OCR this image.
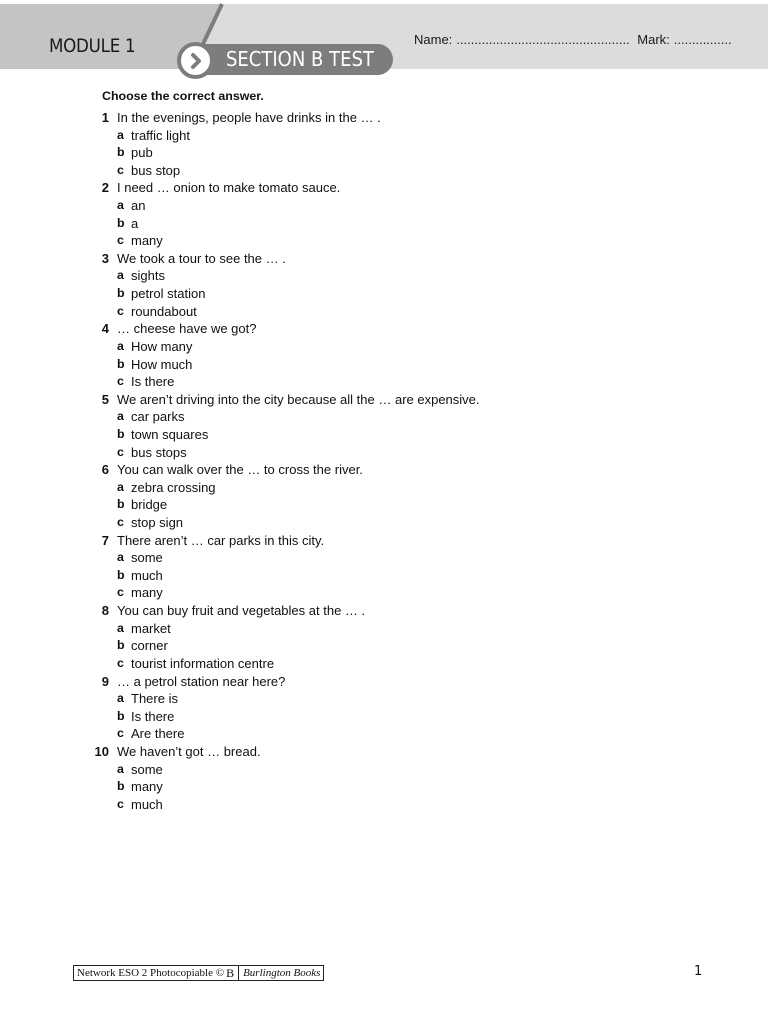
MODULE 1
SECTION B TEST
Name: ................................................ Mark: ................
Choose the correct answer.
1 In the evenings, people have drinks in the … .
a traffic light
b pub
c bus stop
2 I need … onion to make tomato sauce.
a an
b a
c many
3 We took a tour to see the … .
a sights
b petrol station
c roundabout
4 … cheese have we got?
a How many
b How much
c Is there
5 We aren’t driving into the city because all the … are expensive.
a car parks
b town squares
c bus stops
6 You can walk over the … to cross the river.
a zebra crossing
b bridge
c stop sign
7 There aren’t … car parks in this city.
a some
b much
c many
8 You can buy fruit and vegetables at the … .
a market
b corner
c tourist information centre
9 … a petrol station near here?
a There is
b Is there
c Are there
10 We haven’t got … bread.
a some
b many
c much
Network ESO 2 Photocopiable © B Burlington Books	1
